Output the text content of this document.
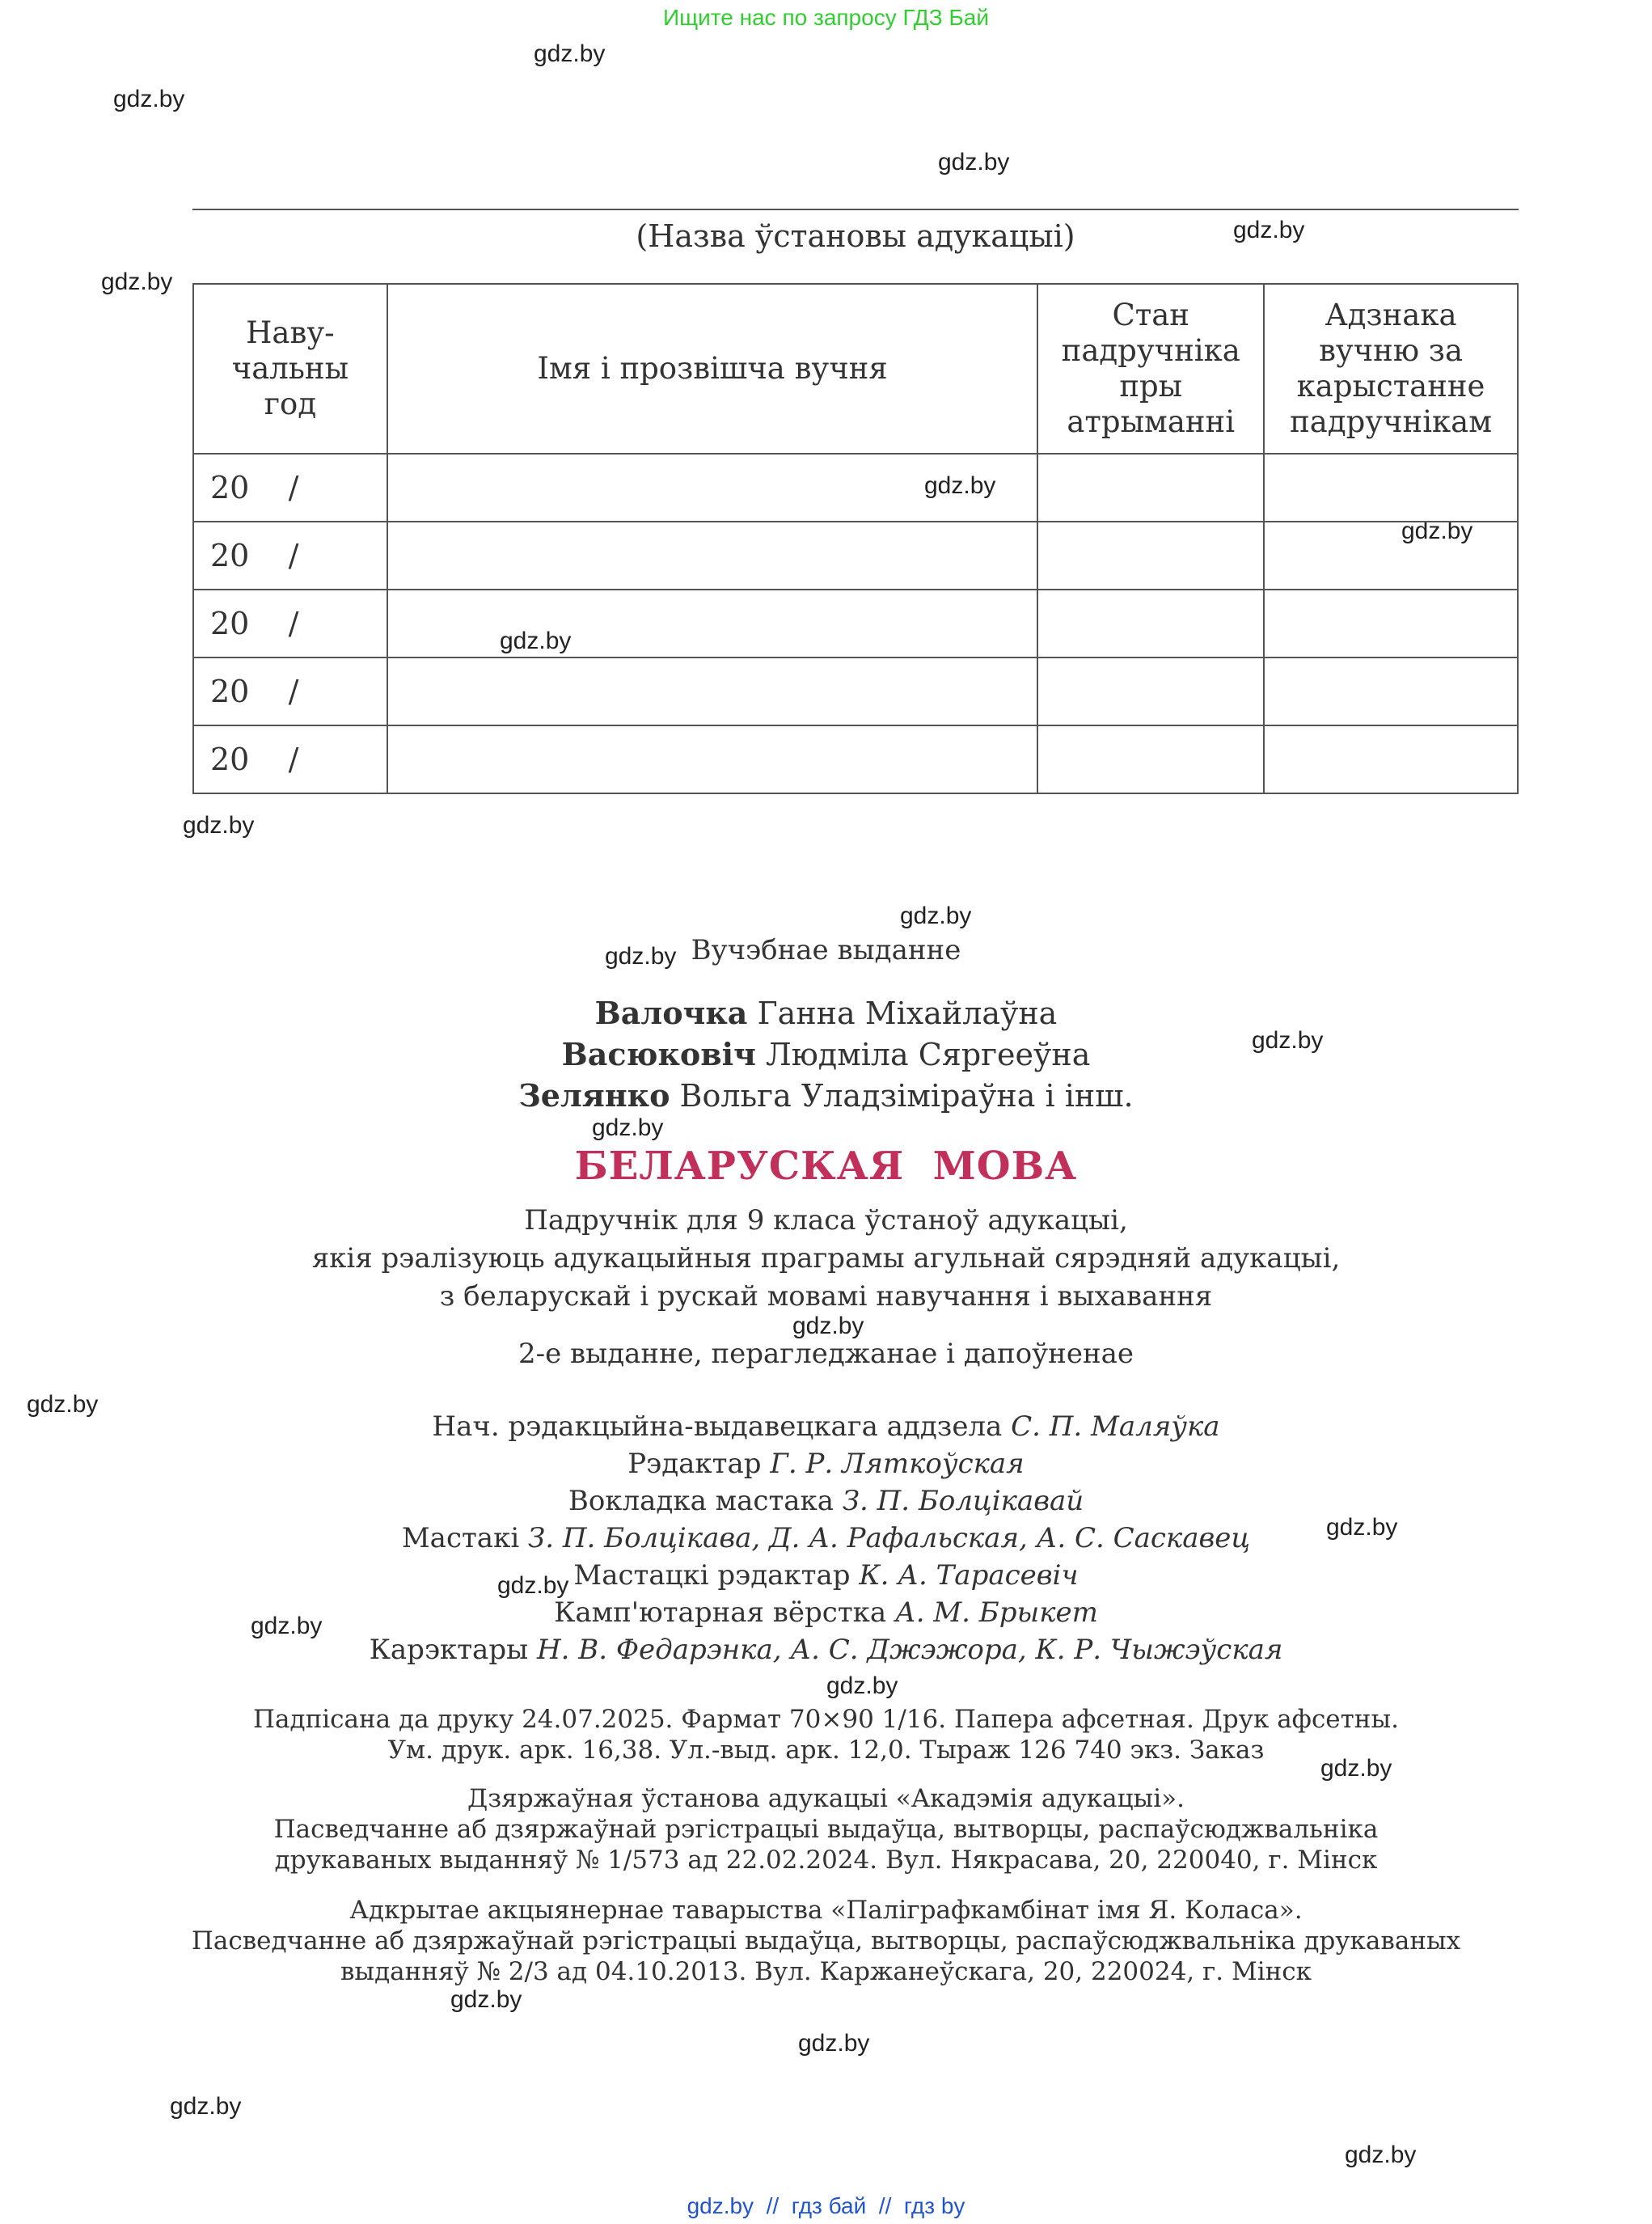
Ищите нас по запросу ГДЗ Бай
gdz.by
gdz.by
gdz.by
gdz.by
gdz.by
gdz.by
gdz.by
gdz.by
gdz.by
gdz.by
gdz.by
gdz.by
gdz.by
gdz.by
gdz.by
gdz.by
gdz.by
gdz.by
gdz.by
gdz.by
gdz.by
gdz.by
gdz.by
gdz.by
(Назва ўстановы адукацыі)
Наву-
чальны
год	Імя і прозвішча вучня	Стан
падручніка
пры
атрыманні	Адзнака
вучню за
карыстанне
падручнікам
20    /			
20    /			
20    /			
20    /			
20    /			
Вучэбнае выданне
Валочка Ганна Міхайлаўна
Васюковіч Людміла Сяргееўна
Зелянко Вольга Уладзіміраўна і інш.
БЕЛАРУСКАЯ  МОВА
Падручнік для 9 класа ўстаноў адукацыі,
якія рэалізуюць адукацыйныя праграмы агульнай сярэдняй адукацыі,
з беларускай і рускай мовамі навучання і выхавання
2-е выданне, перагледжанае і дапоўненае
Нач. рэдакцыйна-выдавецкага аддзела С. П. Маляўка
Рэдактар Г. Р. Ляткоўская
Вокладка мастака З. П. Болцікавай
Мастакі З. П. Болцікава, Д. А. Рафальская, А. С. Саскавец
Мастацкі рэдактар К. А. Тарасевіч
Камп'ютарная вёрстка А. М. Брыкет
Карэктары Н. В. Федарэнка, А. С. Джэжора, К. Р. Чыжэўская
Падпісана да друку 24.07.2025. Фармат 70×90 1/16. Папера афсетная. Друк афсетны.
Ум. друк. арк. 16,38. Ул.-выд. арк. 12,0. Тыраж 126 740 экз. Заказ
Дзяржаўная ўстанова адукацыі «Акадэмія адукацыі».
Пасведчанне аб дзяржаўнай рэгістрацыі выдаўца, вытворцы, распаўсюджвальніка
друкаваных выданняў № 1/573 ад 22.02.2024. Вул. Някрасава, 20, 220040, г. Мінск
Адкрытае акцыянернае таварыства «Паліграфкамбінат імя Я. Коласа».
Пасведчанне аб дзяржаўнай рэгістрацыі выдаўца, вытворцы, распаўсюджвальніка друкаваных
выданняў № 2/3 ад 04.10.2013. Вул. Каржанеўскага, 20, 220024, г. Мінск
gdz.by  //  гдз бай  //  гдз by
